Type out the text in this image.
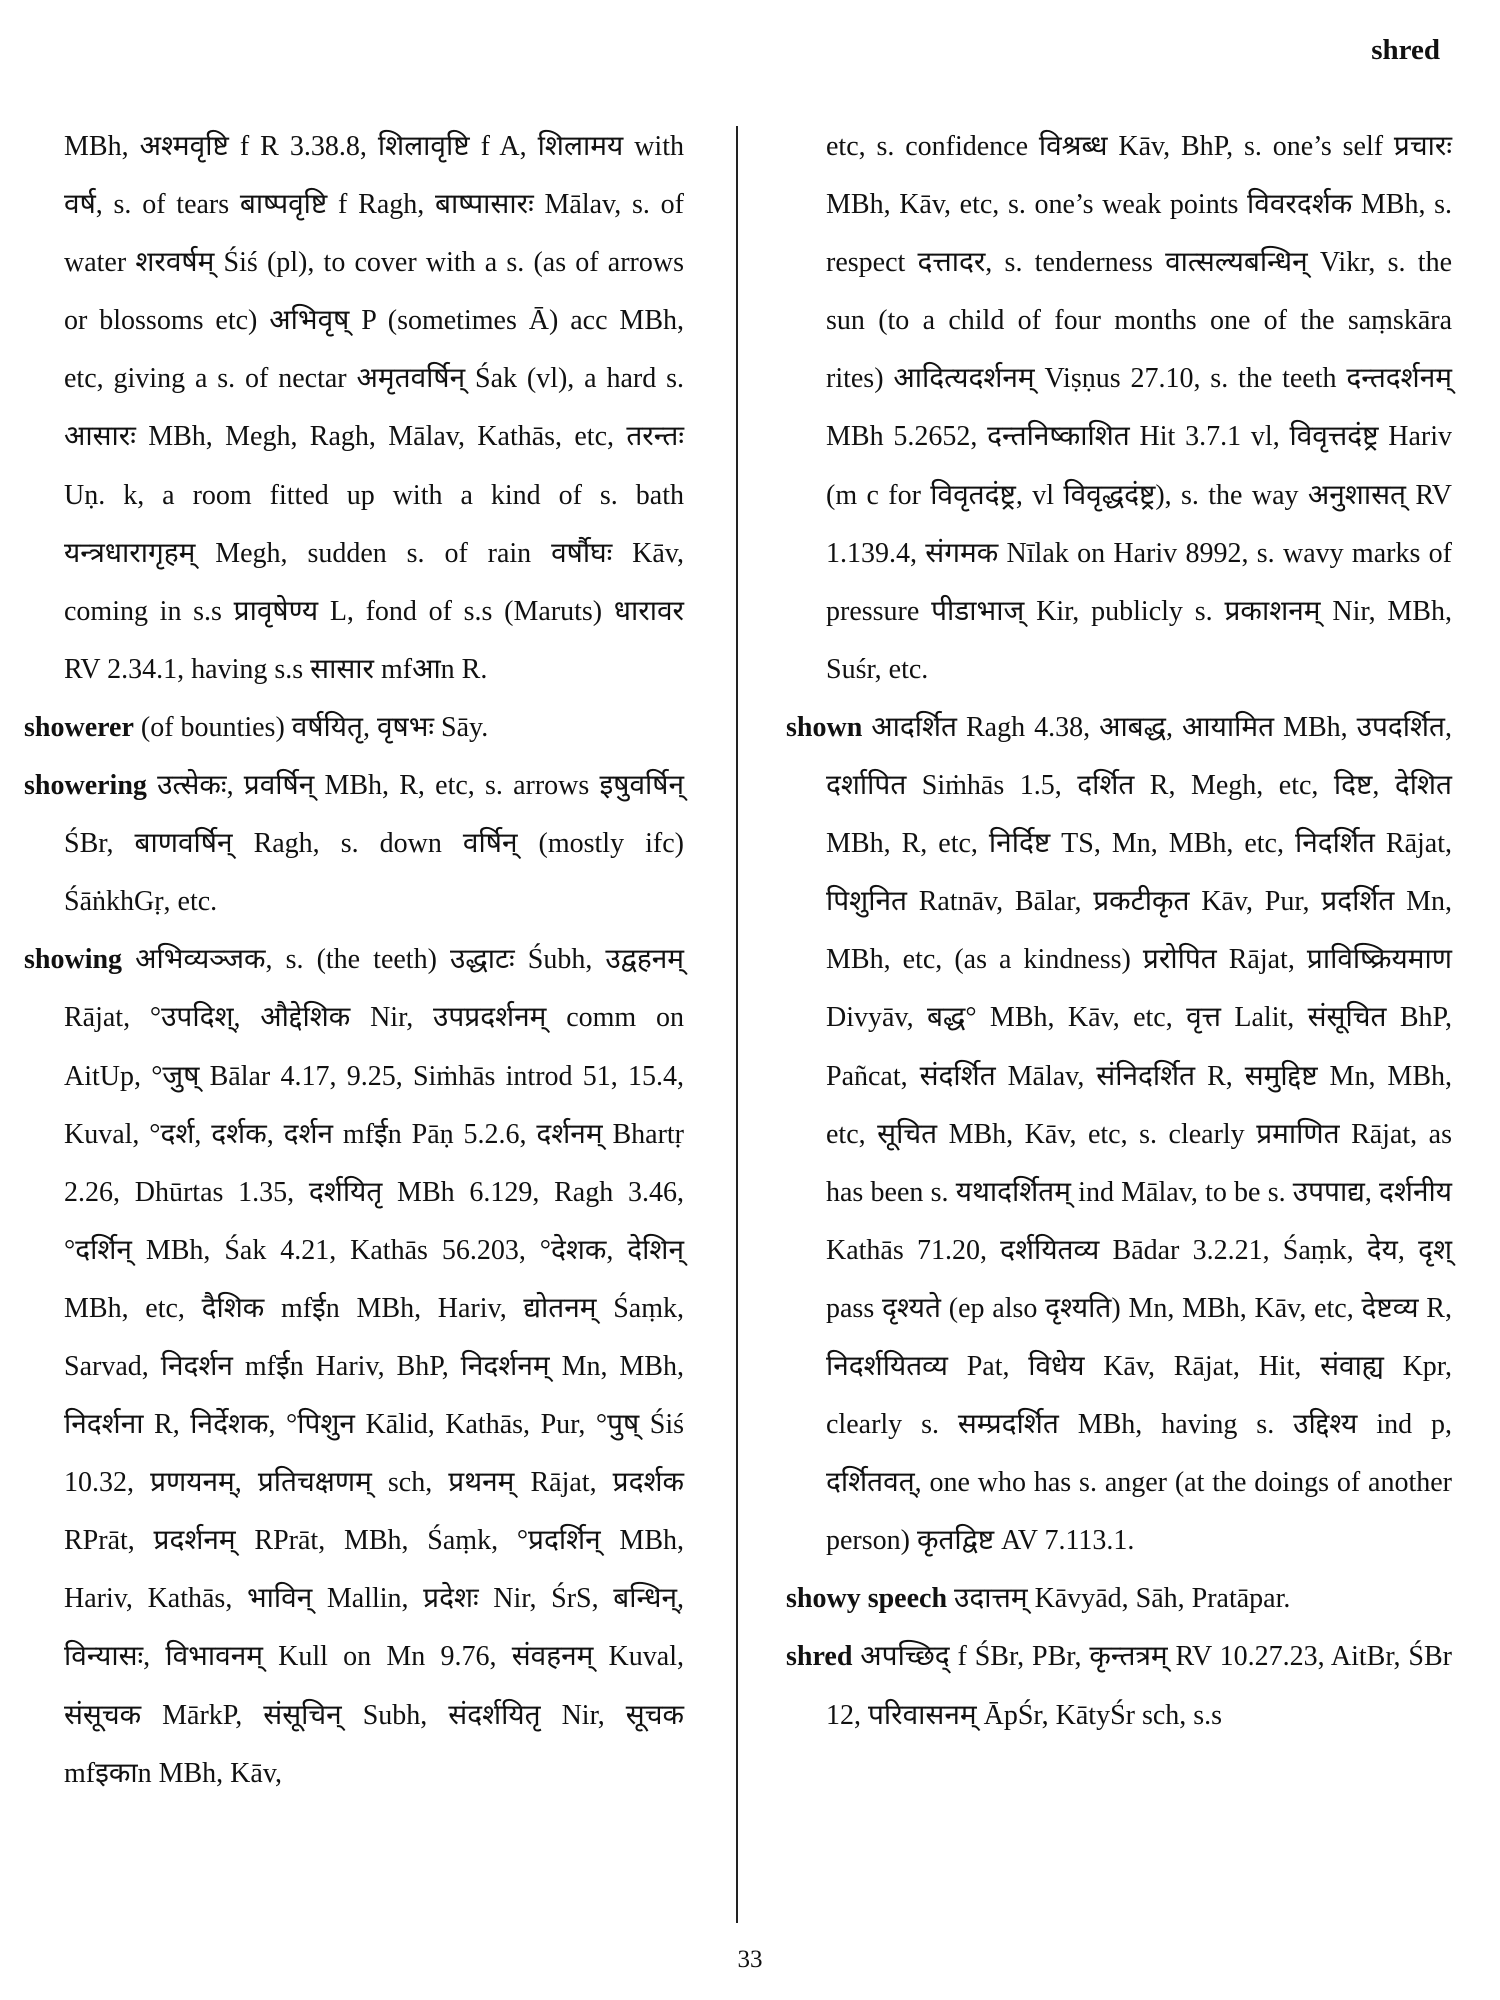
shred

MBh, अश्मवृष्टि f R 3.38.8, शिलावृष्टि f A, शिलामय with वर्ष, s. of tears बाष्पवृष्टि f Ragh, बाष्पासारः Mālav, s. of water शरवर्षम् Śiś (pl), to cover with a s. (as of arrows or blossoms etc) अभिवृष् P (sometimes Ā) acc MBh, etc, giving a s. of nectar अमृतवर्षिन् Śak (vl), a hard s. आसारः MBh, Megh, Ragh, Mālav, Kathās, etc, तरन्तः Uṇ. k, a room fitted up with a kind of s. bath यन्त्रधारागृहम् Megh, sudden s. of rain वर्षौघः Kāv, coming in s.s प्रावृषेण्य L, fond of s.s (Maruts) धारावर RV 2.34.1, having s.s सासार mfआn R.

showerer (of bounties) वर्षयितृ, वृषभः Sāy.

showering उत्सेकः, प्रवर्षिन् MBh, R, etc, s. arrows इषुवर्षिन् ŚBr, बाणवर्षिन् Ragh, s. down वर्षिन् (mostly ifc) ŚāṅkhGṛ, etc.

showing अभिव्यञ्जक, s. (the teeth) उद्धाटः Śubh, उद्वहनम् Rājat, °उपदिश्, औद्देशिक Nir, उपप्रदर्शनम् comm on AitUp, °जुष् Bālar 4.17, 9.25, Siṁhās introd 51, 15.4, Kuval, °दर्श, दर्शक, दर्शन mfईn Pāṇ 5.2.6, दर्शनम् Bhartṛ 2.26, Dhūrtas 1.35, दर्शयितृ MBh 6.129, Ragh 3.46, °दर्शिन् MBh, Śak 4.21, Kathās 56.203, °देशक, देशिन् MBh, etc, दैशिक mfईn MBh, Hariv, द्योतनम् Śaṃk, Sarvad, निदर्शन mfईn Hariv, BhP, निदर्शनम् Mn, MBh, निदर्शना R, निर्देशक, °पिशुन Kālid, Kathās, Pur, °पुष् Śiś 10.32, प्रणयनम्, प्रतिचक्षणम् sch, प्रथनम् Rājat, प्रदर्शक RPrāt, प्रदर्शनम् RPrāt, MBh, Śaṃk, °प्रदर्शिन् MBh, Hariv, Kathās, भाविन् Mallin, प्रदेशः Nir, ŚrS, बन्धिन्, विन्यासः, विभावनम् Kull on Mn 9.76, संवहनम् Kuval, संसूचक MārkP, संसूचिन् Subh, संदर्शयितृ Nir, सूचक mfइकाn MBh, Kāv,

etc, s. confidence विश्रब्ध Kāv, BhP, s. one’s self प्रचारः MBh, Kāv, etc, s. one’s weak points विवरदर्शक MBh, s. respect दत्तादर, s. tenderness वात्सल्यबन्धिन् Vikr, s. the sun (to a child of four months one of the saṃskāra rites) आदित्यदर्शनम् Viṣṇus 27.10, s. the teeth दन्तदर्शनम् MBh 5.2652, दन्तनिष्काशित Hit 3.7.1 vl, विवृत्तदंष्ट्र Hariv (m c for विवृतदंष्ट्र, vl विवृद्धदंष्ट्र), s. the way अनुशासत् RV 1.139.4, संगमक Nīlak on Hariv 8992, s. wavy marks of pressure पीडाभाज् Kir, publicly s. प्रकाशनम् Nir, MBh, Suśr, etc.

shown आदर्शित Ragh 4.38, आबद्ध, आयामित MBh, उपदर्शित, दर्शापित Siṁhās 1.5, दर्शित R, Megh, etc, दिष्ट, देशित MBh, R, etc, निर्दिष्ट TS, Mn, MBh, etc, निदर्शित Rājat, पिशुनित Ratnāv, Bālar, प्रकटीकृत Kāv, Pur, प्रदर्शित Mn, MBh, etc, (as a kindness) प्ररोपित Rājat, प्राविष्क्रियमाण Divyāv, बद्ध° MBh, Kāv, etc, वृत्त Lalit, संसूचित BhP, Pañcat, संदर्शित Mālav, संनिदर्शित R, समुद्दिष्ट Mn, MBh, etc, सूचित MBh, Kāv, etc, s. clearly प्रमाणित Rājat, as has been s. यथादर्शितम् ind Mālav, to be s. उपपाद्य, दर्शनीय Kathās 71.20, दर्शयितव्य Bādar 3.2.21, Śaṃk, देय, दृश् pass दृश्यते (ep also दृश्यति) Mn, MBh, Kāv, etc, देष्टव्य R, निदर्शयितव्य Pat, विधेय Kāv, Rājat, Hit, संवाह्य Kpr, clearly s. सम्प्रदर्शित MBh, having s. उद्दिश्य ind p, दर्शितवत्, one who has s. anger (at the doings of another person) कृतद्विष्ट AV 7.113.1.

showy speech उदात्तम् Kāvyād, Sāh, Pratāpar.

shred अपच्छिद् f ŚBr, PBr, कृन्तत्रम् RV 10.27.23, AitBr, ŚBr 12, परिवासनम् ĀpŚr, KātyŚr sch, s.s

33
